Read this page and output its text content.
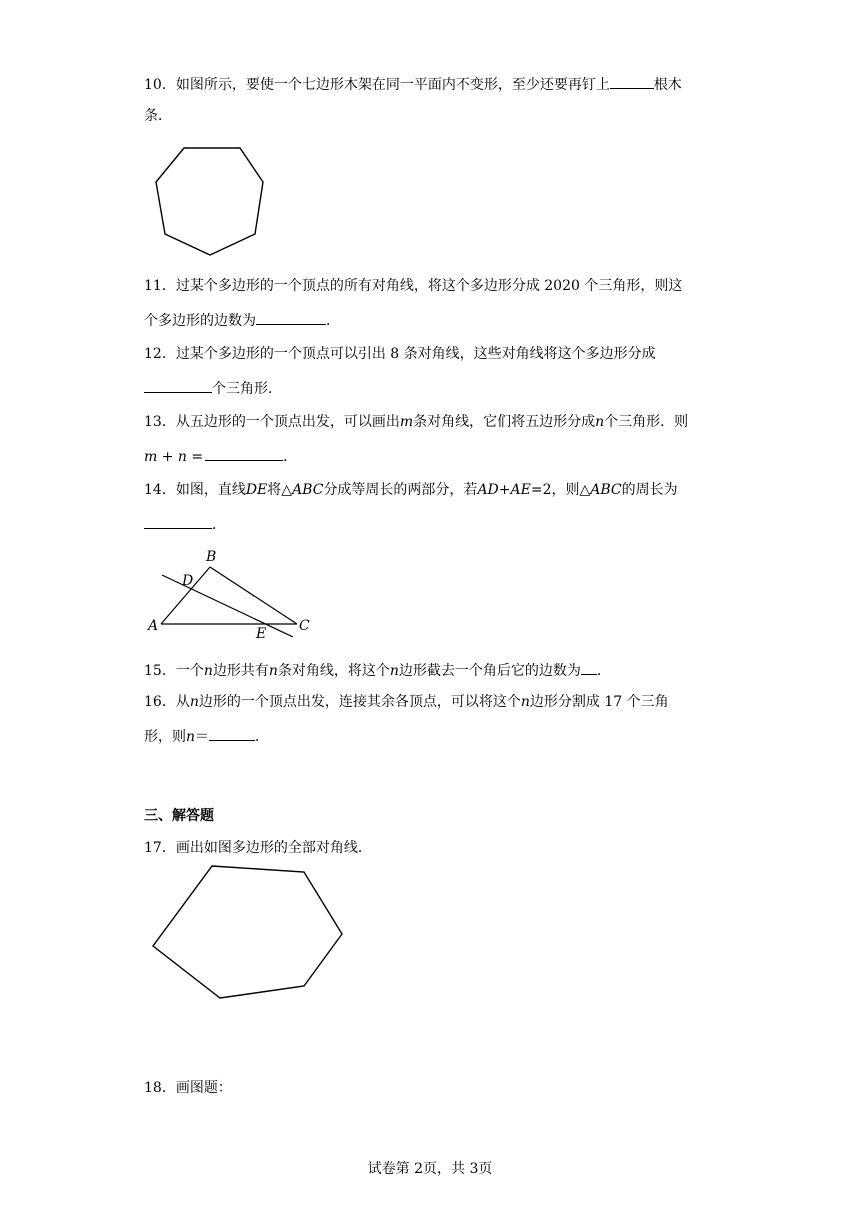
10．如图所示，要使一个七边形木架在同一平面内不变形，至少还要再钉上	根木
条．
11．过某个多边形的一个顶点的所有对角线，将这个多边形分成 2020 个三角形，则这
个多边形的边数为	．
12．过某个多边形的一个顶点可以引出 8 条对角线，这些对角线将这个多边形分成
个三角形．
13．从五边形的一个顶点出发，可以画出m条对角线，它们将五边形分成n个三角形．则
m + n =	．
14．如图，直线DE将△ABC分成等周长的两部分，若AD+AE=2，则△ABC的周长为
．
A
B
C
D
E
15．一个n边形共有n条对角线，将这个n边形截去一个角后它的边数为 ．
16．从n边形的一个顶点出发，连接其余各顶点，可以将这个n边形分割成 17 个三角
形，则n＝	．
三、解答题
17．画出如图多边形的全部对角线．
18．画图题：
试卷第 2页，共 3页
